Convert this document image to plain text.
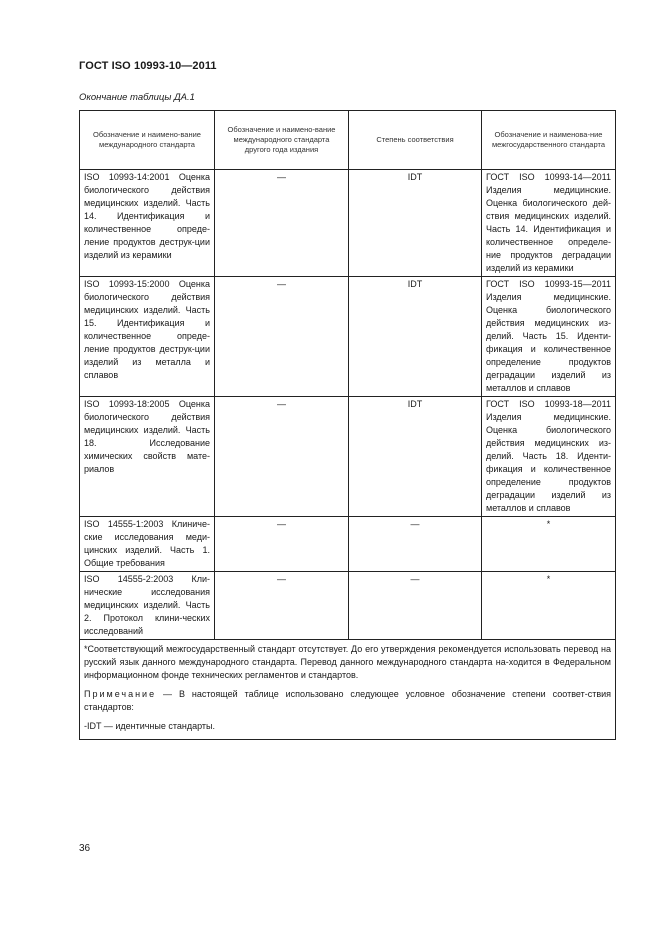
ГОСТ ISO 10993-10—2011
Окончание таблицы ДА.1
Обозначение и наимено-вание международного стандарта	Обозначение и наимено-вание международного стандарта другого года издания	Степень соответствия	Обозначение и наименова-ние межгосударственного стандарта
ISO 10993-14:2001 Оценка биологического действия медицинских изделий. Часть 14. Идентификация и количественное опреде-ление продуктов деструк-ции изделий из керамики	—	IDT	ГОСТ ISO 10993-14—2011 Изделия медицинские. Оценка биологического дей-ствия медицинских изделий. Часть 14. Идентификация и количественное определе-ние продуктов деградации изделий из керамики
ISO 10993-15:2000 Оценка биологического действия медицинских изделий. Часть 15. Идентификация и количественное опреде-ление продуктов деструк-ции изделий из металла и сплавов	—	IDT	ГОСТ ISO 10993-15—2011 Изделия медицинские. Оценка биологического действия медицинских из-делий. Часть 15. Иденти-фикация и количественное определение продуктов деградации изделий из металлов и сплавов
ISO 10993-18:2005 Оценка биологического действия медицинских изделий. Часть 18. Исследование химических свойств мате-риалов	—	IDT	ГОСТ ISO 10993-18—2011 Изделия медицинские. Оценка биологического действия медицинских из-делий. Часть 18. Иденти-фикация и количественное определение продуктов деградации изделий из металлов и сплавов
ISO 14555-1:2003 Клиниче-ские исследования меди-цинских изделий. Часть 1. Общие требования	—	—	*
ISO 14555-2:2003 Кли-нические исследования медицинских изделий. Часть 2. Протокол клини-ческих исследований	—	—	*

*Соответствующий межгосударственный стандарт отсутствует. До его утверждения рекомендуется использовать перевод на русский язык данного международного стандарта. Перевод данного международного стандарта на-ходится в Федеральном информационном фонде технических регламентов и стандартов.

Примечание — В настоящей таблице использовано следующее условное обозначение степени соответ-ствия стандартов:

-IDT — идентичные стандарты.			

36
